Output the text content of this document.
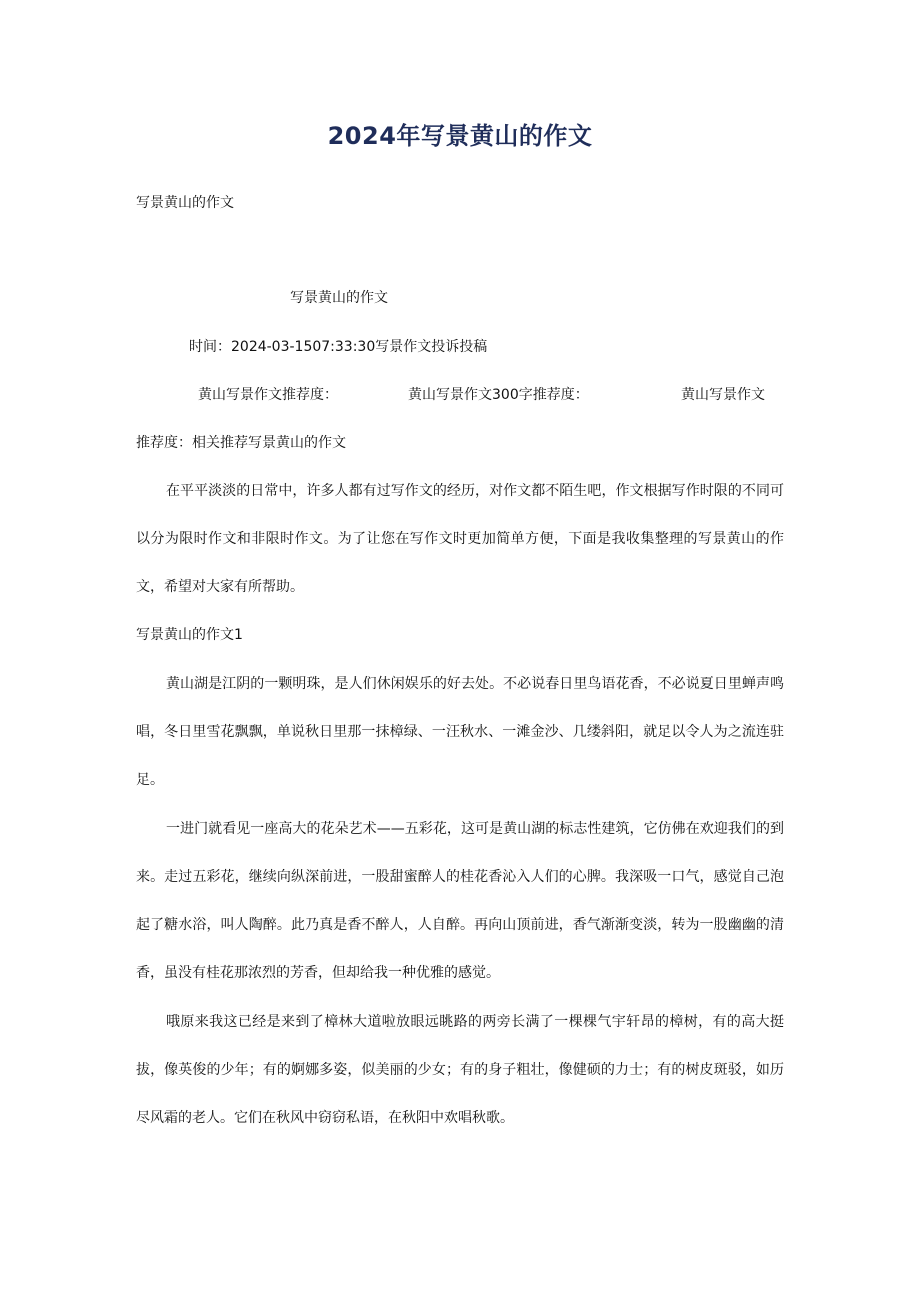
2024年写景黄山的作文
写景黄山的作文
写景黄山的作文
时间：2024-03-1507:33:30写景作文投诉投稿
黄山写景作文推荐度：	黄山写景作文300字推荐度：	黄山写景作文
推荐度：相关推荐写景黄山的作文
在平平淡淡的日常中，许多人都有过写作文的经历，对作文都不陌生吧，作文根据写作时限的不同可以分为限时作文和非限时作文。为了让您在写作文时更加简单方便，下面是我收集整理的写景黄山的作文，希望对大家有所帮助。
写景黄山的作文1
黄山湖是江阴的一颗明珠，是人们休闲娱乐的好去处。不必说春日里鸟语花香，不必说夏日里蝉声鸣唱，冬日里雪花飘飘，单说秋日里那一抹樟绿、一汪秋水、一滩金沙、几缕斜阳，就足以令人为之流连驻足。
一进门就看见一座高大的花朵艺术——五彩花，这可是黄山湖的标志性建筑，它仿佛在欢迎我们的到来。走过五彩花，继续向纵深前进，一股甜蜜醉人的桂花香沁入人们的心脾。我深吸一口气，感觉自己泡起了糖水浴，叫人陶醉。此乃真是香不醉人，人自醉。再向山顶前进，香气渐渐变淡，转为一股幽幽的清香，虽没有桂花那浓烈的芳香，但却给我一种优雅的感觉。
哦原来我这已经是来到了樟林大道啦放眼远眺路的两旁长满了一棵棵气宇轩昂的樟树，有的高大挺拔，像英俊的少年；有的婀娜多姿，似美丽的少女；有的身子粗壮，像健硕的力士；有的树皮斑驳，如历尽风霜的老人。它们在秋风中窃窃私语，在秋阳中欢唱秋歌。
